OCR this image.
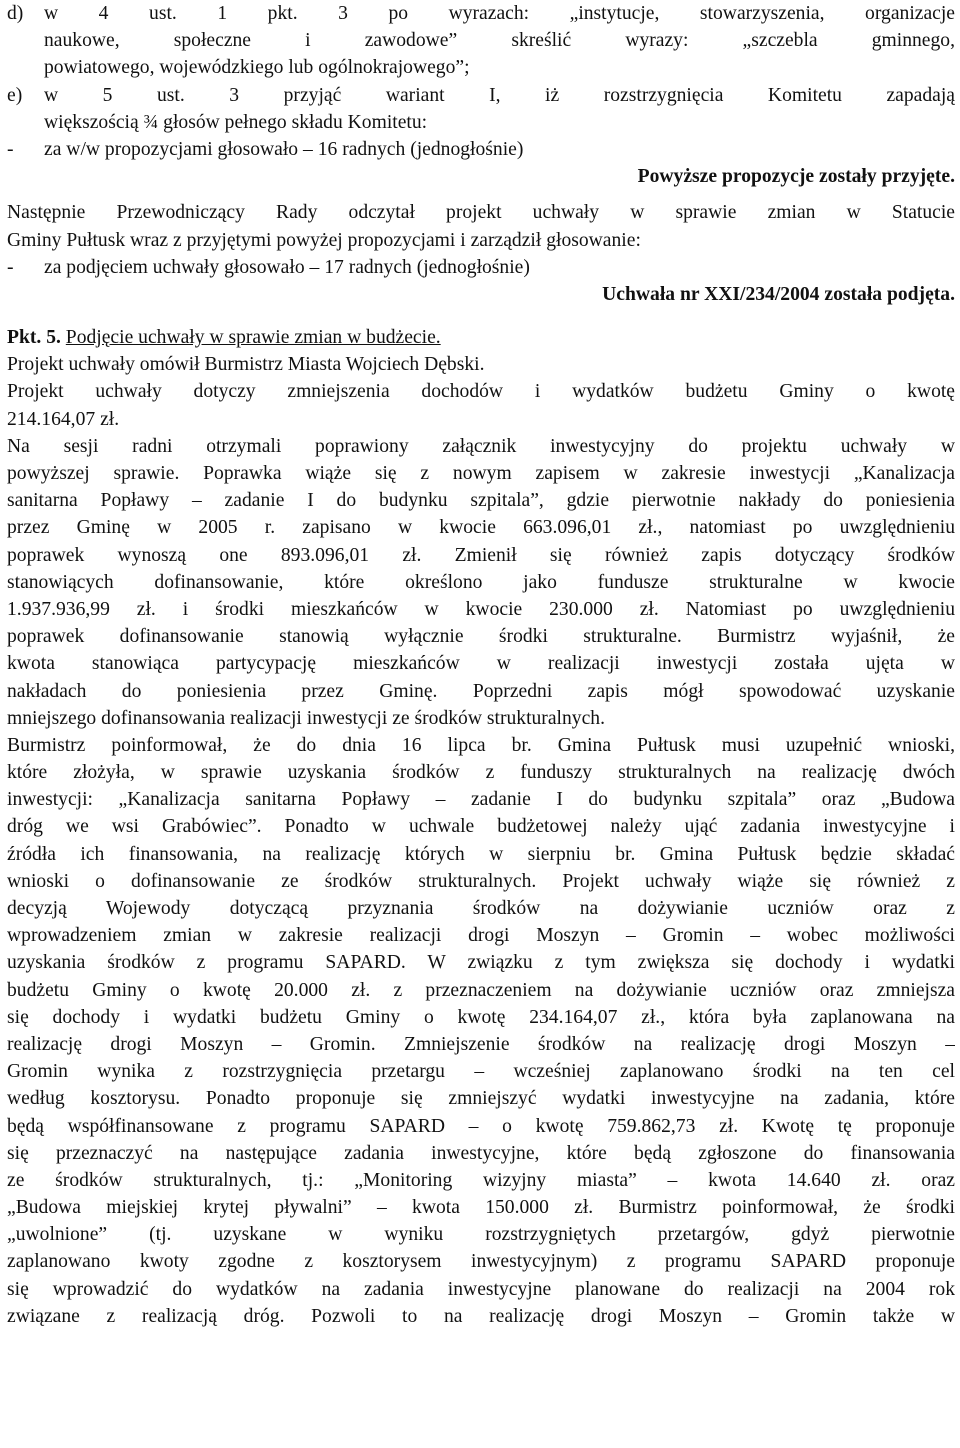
d)	w 4 ust. 1 pkt. 3 po wyrazach: „instytucje, stowarzyszenia, organizacje
naukowe, społeczne i zawodowe” skreślić wyrazy: „szczebla gminnego,
powiatowego, wojewódzkiego lub ogólnokrajowego”;
e)	w 5 ust. 3 przyjąć wariant I, iż rozstrzygnięcia Komitetu zapadają
większością ¾ głosów pełnego składu Komitetu:
-	za w/w propozycjami głosowało – 16 radnych (jednogłośnie)
Powyższe propozycje zostały przyjęte.
Następnie Przewodniczący Rady odczytał projekt uchwały w sprawie zmian w Statucie
Gminy Pułtusk wraz z przyjętymi powyżej propozycjami i zarządził głosowanie:
-	za podjęciem uchwały głosowało – 17 radnych (jednogłośnie)
Uchwała nr XXI/234/2004 została podjęta.
Pkt. 5. Podjęcie uchwały w sprawie zmian w budżecie.
Projekt uchwały omówił Burmistrz Miasta Wojciech Dębski.
Projekt uchwały dotyczy zmniejszenia dochodów i wydatków budżetu Gminy o kwotę
214.164,07 zł.
Na sesji radni otrzymali poprawiony załącznik inwestycyjny do projektu uchwały w
powyższej sprawie. Poprawka wiąże się z nowym zapisem w zakresie inwestycji „Kanalizacja
sanitarna Popławy – zadanie I do budynku szpitala”, gdzie pierwotnie nakłady do poniesienia
przez Gminę w 2005 r. zapisano w kwocie 663.096,01 zł., natomiast po uwzględnieniu
poprawek wynoszą one 893.096,01 zł. Zmienił się również zapis dotyczący środków
stanowiących dofinansowanie, które określono jako fundusze strukturalne w kwocie
1.937.936,99 zł. i środki mieszkańców w kwocie 230.000 zł. Natomiast po uwzględnieniu
poprawek dofinansowanie stanowią wyłącznie środki strukturalne. Burmistrz wyjaśnił, że
kwota stanowiąca partycypację mieszkańców w realizacji inwestycji została ujęta w
nakładach do poniesienia przez Gminę. Poprzedni zapis mógł spowodować uzyskanie
mniejszego dofinansowania realizacji inwestycji ze środków strukturalnych.
Burmistrz poinformował, że do dnia 16 lipca br. Gmina Pułtusk musi uzupełnić wnioski,
które złożyła, w sprawie uzyskania środków z funduszy strukturalnych na realizację dwóch
inwestycji: „Kanalizacja sanitarna Popławy – zadanie I do budynku szpitala” oraz „Budowa
dróg we wsi Grabówiec”. Ponadto w uchwale budżetowej należy ująć zadania inwestycyjne i
źródła ich finansowania, na realizację których w sierpniu br. Gmina Pułtusk będzie składać
wnioski o dofinansowanie ze środków strukturalnych. Projekt uchwały wiąże się również z
decyzją Wojewody dotyczącą przyznania środków na dożywianie uczniów oraz z
wprowadzeniem zmian w zakresie realizacji drogi Moszyn – Gromin – wobec możliwości
uzyskania środków z programu SAPARD. W związku z tym zwiększa się dochody i wydatki
budżetu Gminy o kwotę 20.000 zł. z przeznaczeniem na dożywianie uczniów oraz zmniejsza
się dochody i wydatki budżetu Gminy o kwotę 234.164,07 zł., która była zaplanowana na
realizację drogi Moszyn – Gromin. Zmniejszenie środków na realizację drogi Moszyn –
Gromin wynika z rozstrzygnięcia przetargu – wcześniej zaplanowano środki na ten cel
według kosztorysu. Ponadto proponuje się zmniejszyć wydatki inwestycyjne na zadania, które
będą współfinansowane z programu SAPARD – o kwotę 759.862,73 zł. Kwotę tę proponuje
się przeznaczyć na następujące zadania inwestycyjne, które będą zgłoszone do finansowania
ze środków strukturalnych, tj.: „Monitoring wizyjny miasta” – kwota 14.640 zł. oraz
„Budowa miejskiej krytej pływalni” – kwota 150.000 zł. Burmistrz poinformował, że środki
„uwolnione” (tj. uzyskane w wyniku rozstrzygniętych przetargów, gdyż pierwotnie
zaplanowano kwoty zgodne z kosztorysem inwestycyjnym) z programu SAPARD proponuje
się wprowadzić do wydatków na zadania inwestycyjne planowane do realizacji na 2004 rok
związane z realizacją dróg. Pozwoli to na realizację drogi Moszyn – Gromin także w
